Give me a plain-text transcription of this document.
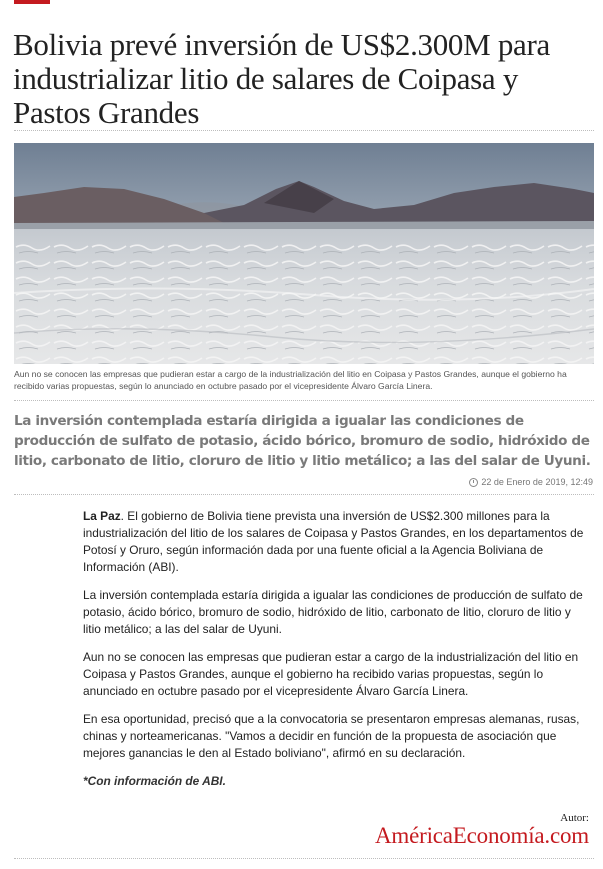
Bolivia prevé inversión de US$2.300M para industrializar litio de salares de Coipasa y Pastos Grandes

Aun no se conocen las empresas que pudieran estar a cargo de la industrialización del litio en Coipasa y Pastos Grandes, aunque el gobierno ha recibido varias propuestas, según lo anunciado en octubre pasado por el vicepresidente Álvaro García Linera.

La inversión contemplada estaría dirigida a igualar las condiciones de producción de sulfato de potasio, ácido bórico, bromuro de sodio, hidróxido de litio, carbonato de litio, cloruro de litio y litio metálico; a las del salar de Uyuni.

22 de Enero de 2019, 12:49

La Paz. El gobierno de Bolivia tiene prevista una inversión de US$2.300 millones para la industrialización del litio de los salares de Coipasa y Pastos Grandes, en los departamentos de Potosí y Oruro, según información dada por una fuente oficial a la Agencia Boliviana de Información (ABI).

La inversión contemplada estaría dirigida a igualar las condiciones de producción de sulfato de potasio, ácido bórico, bromuro de sodio, hidróxido de litio, carbonato de litio, cloruro de litio y litio metálico; a las del salar de Uyuni.

Aun no se conocen las empresas que pudieran estar a cargo de la industrialización del litio en Coipasa y Pastos Grandes, aunque el gobierno ha recibido varias propuestas, según lo anunciado en octubre pasado por el vicepresidente Álvaro García Linera.

En esa oportunidad, precisó que a la convocatoria se presentaron empresas alemanas, rusas, chinas y norteamericanas. "Vamos a decidir en función de la propuesta de asociación que mejores ganancias le den al Estado boliviano", afirmó en su declaración.

*Con información de ABI.

Autor:
AméricaEconomía.com
